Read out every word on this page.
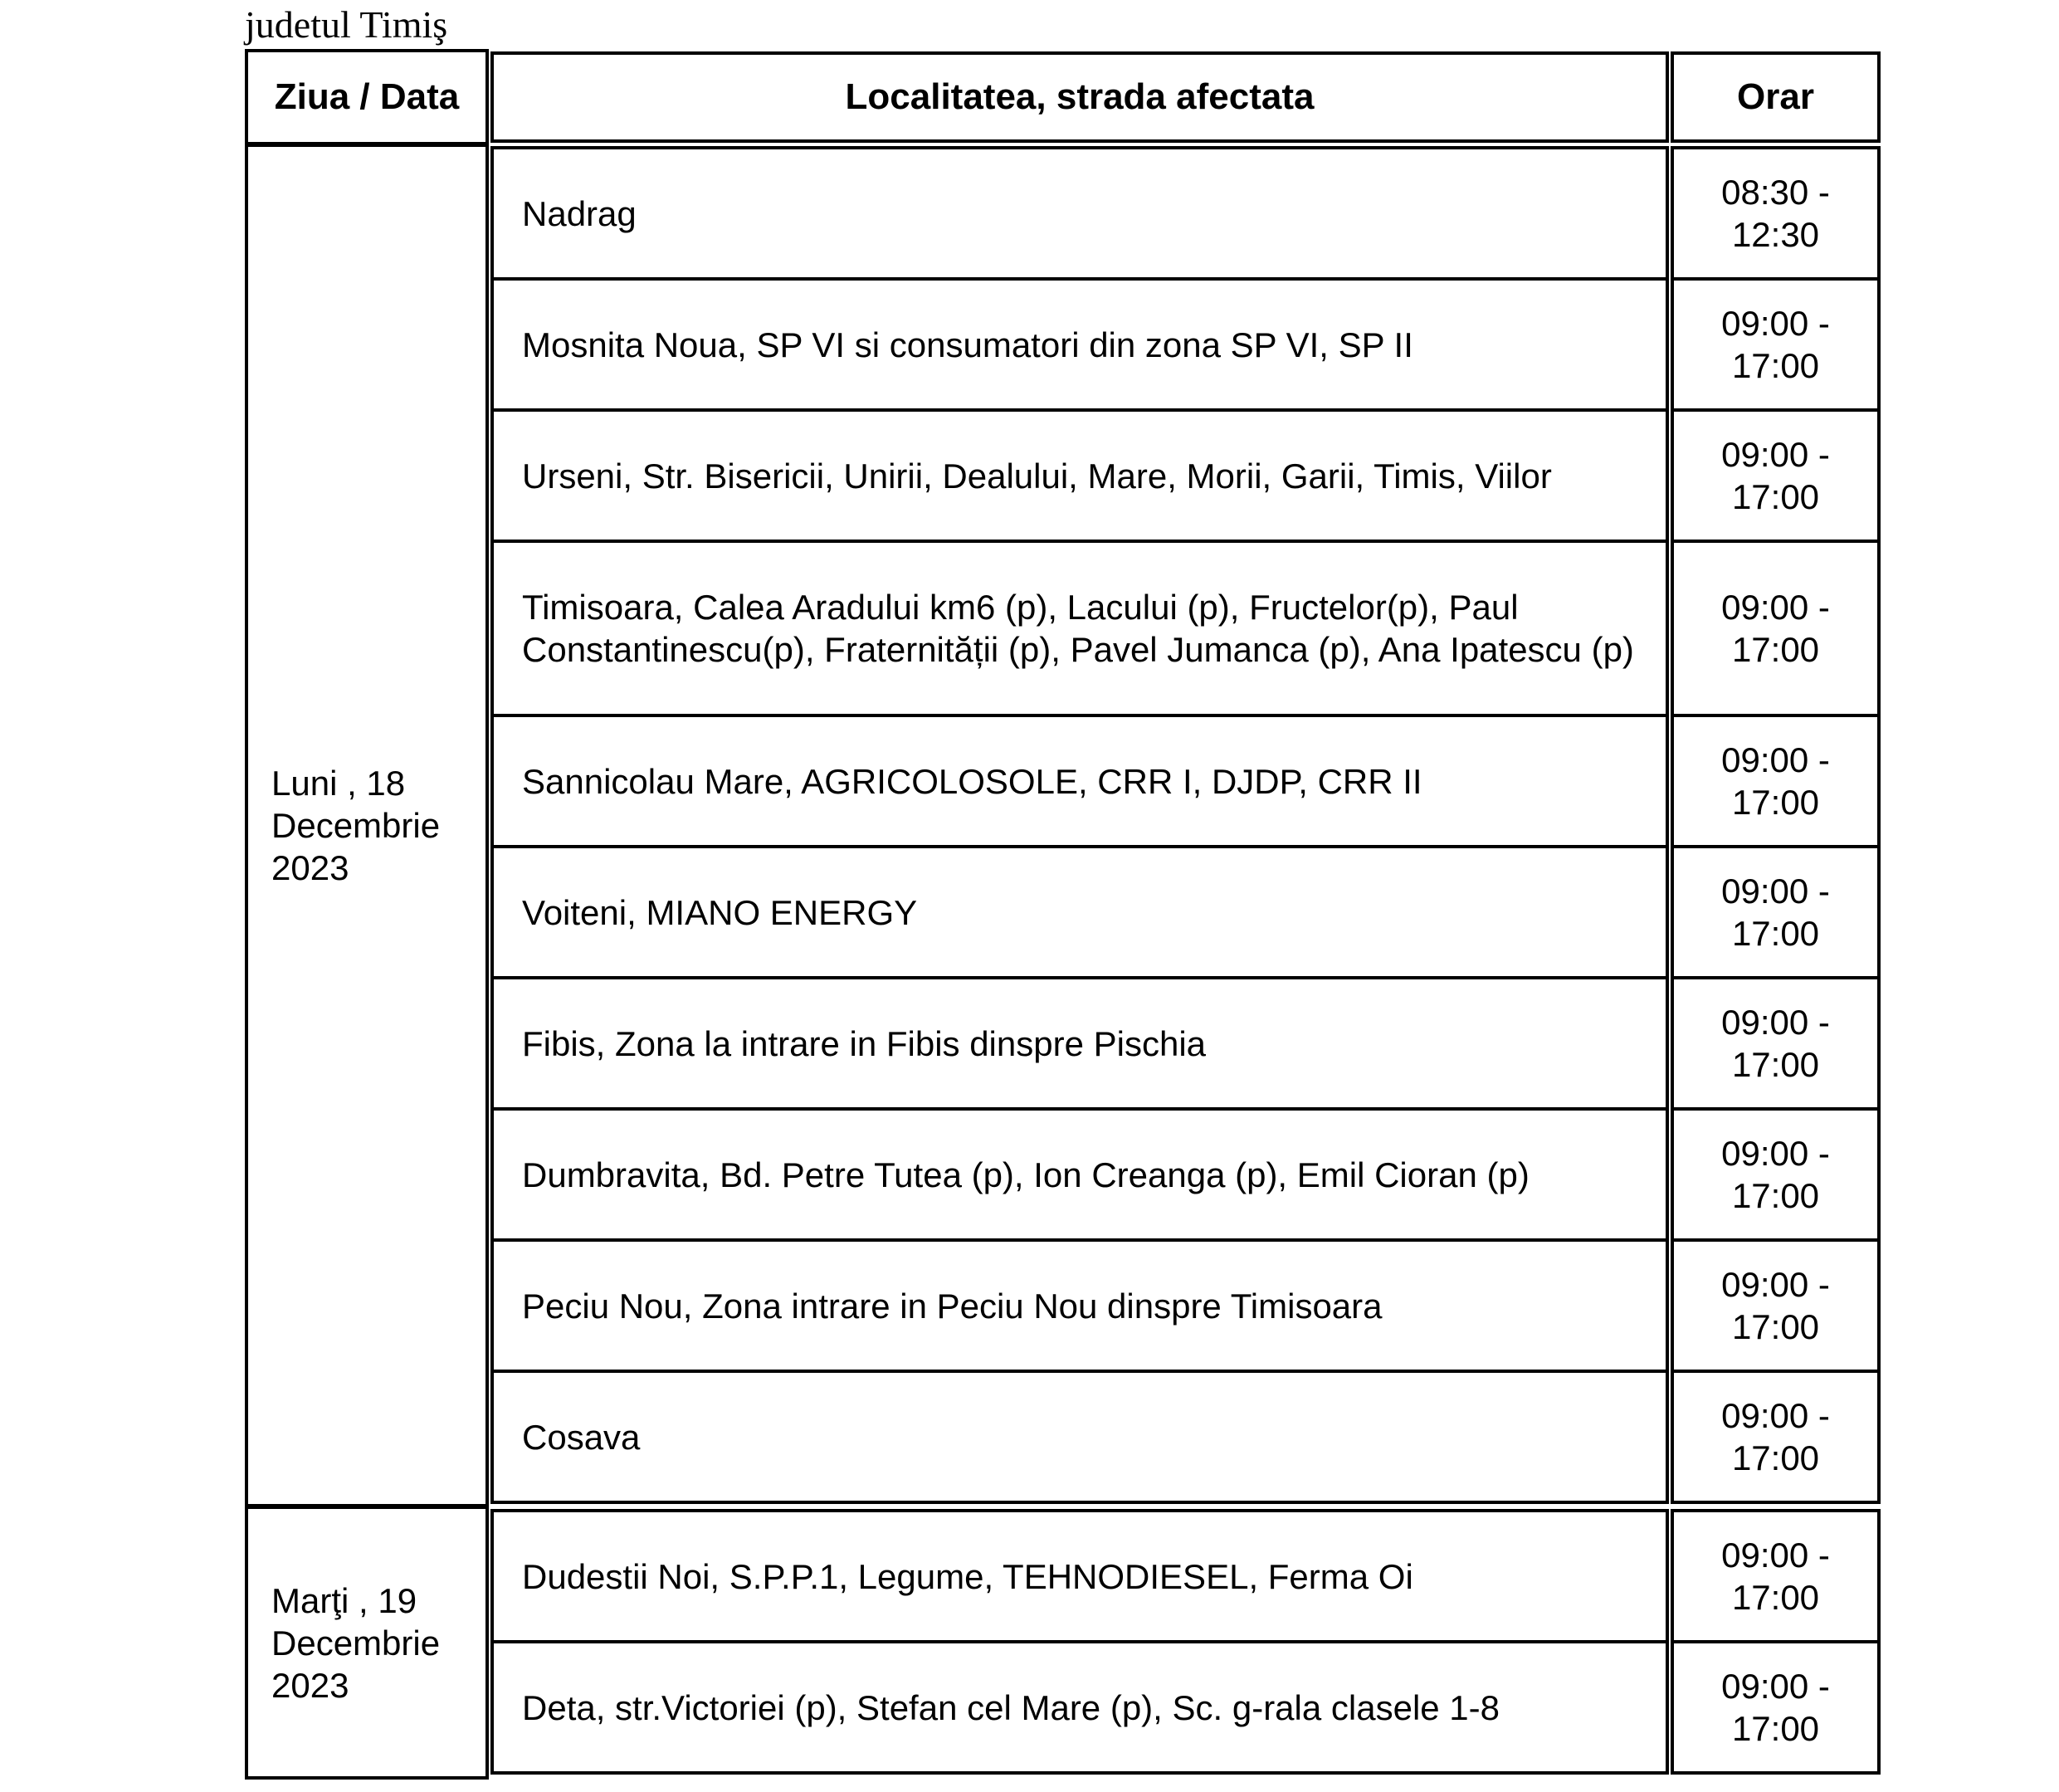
judetul Timiş
Ziua / Data	Localitatea, strada afectata	Orar
Luni , 18 Decembrie 2023
Marţi , 19 Decembrie 2023
Nadrag
08:30 - 12:30
Mosnita Noua, SP VI si consumatori din zona SP VI, SP II
09:00 - 17:00
Urseni, Str. Bisericii, Unirii, Dealului, Mare, Morii, Garii, Timis, Viilor
09:00 - 17:00
Timisoara, Calea Aradului km6 (p), Lacului (p), Fructelor(p), Paul Constantinescu(p), Fraternității (p), Pavel Jumanca (p), Ana Ipatescu (p)
09:00 - 17:00
Sannicolau Mare, AGRICOLOSOLE, CRR I, DJDP, CRR II
09:00 - 17:00
Voiteni, MIANO ENERGY
09:00 - 17:00
Fibis, Zona la intrare in Fibis dinspre Pischia
09:00 - 17:00
Dumbravita, Bd. Petre Tutea (p), Ion Creanga (p), Emil Cioran (p)
09:00 - 17:00
Peciu Nou, Zona intrare in Peciu Nou dinspre Timisoara
09:00 - 17:00
Cosava
09:00 - 17:00
Dudestii Noi, S.P.P.1, Legume, TEHNODIESEL, Ferma Oi
09:00 - 17:00
Deta, str.Victoriei (p), Stefan cel Mare (p), Sc. g-rala clasele 1-8
09:00 - 17:00
